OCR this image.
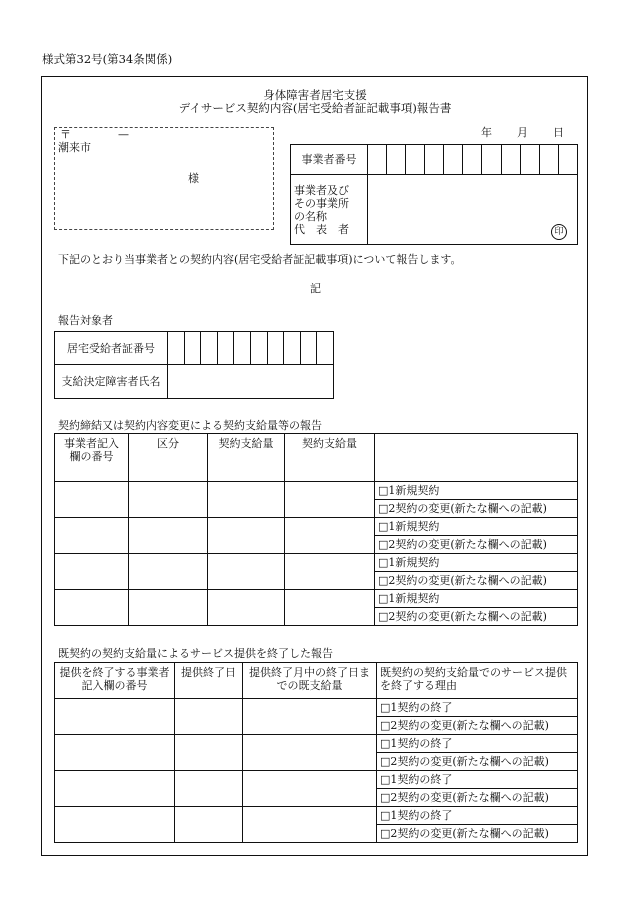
様式第32号(第34条関係)
身体障害者居宅支援
デイサービス契約内容(居宅受給者証記載事項)報告書
〒	—
潮来市
様
年 月 日
事業者番号											

事業者及び
その事業所
の名称
代　表　者	印										
下記のとおり当事業者との契約内容(居宅受給者証記載事項)について報告します。
記
報告対象者
居宅受給者証番号										
支給決定障害者氏名										
契約締結又は契約内容変更による契約支給量等の報告
事業者記入欄の番号	区分	契約支給量	契約支給量	
				□1新規契約
				□2契約の変更(新たな欄への記載)
				□1新規契約
				□2契約の変更(新たな欄への記載)
				□1新規契約
				□2契約の変更(新たな欄への記載)
				□1新規契約
				□2契約の変更(新たな欄への記載)
既契約の契約支給量によるサービス提供を終了した報告
提供を終了する事業者記入欄の番号	提供終了日	提供終了月中の終了日までの既支給量	既契約の契約支給量でのサービス提供を終了する理由

			□1契約の終了
			□2契約の変更(新たな欄への記載)
			□1契約の終了
			□2契約の変更(新たな欄への記載)
			□1契約の終了
			□2契約の変更(新たな欄への記載)
			□1契約の終了
			□2契約の変更(新たな欄への記載)
